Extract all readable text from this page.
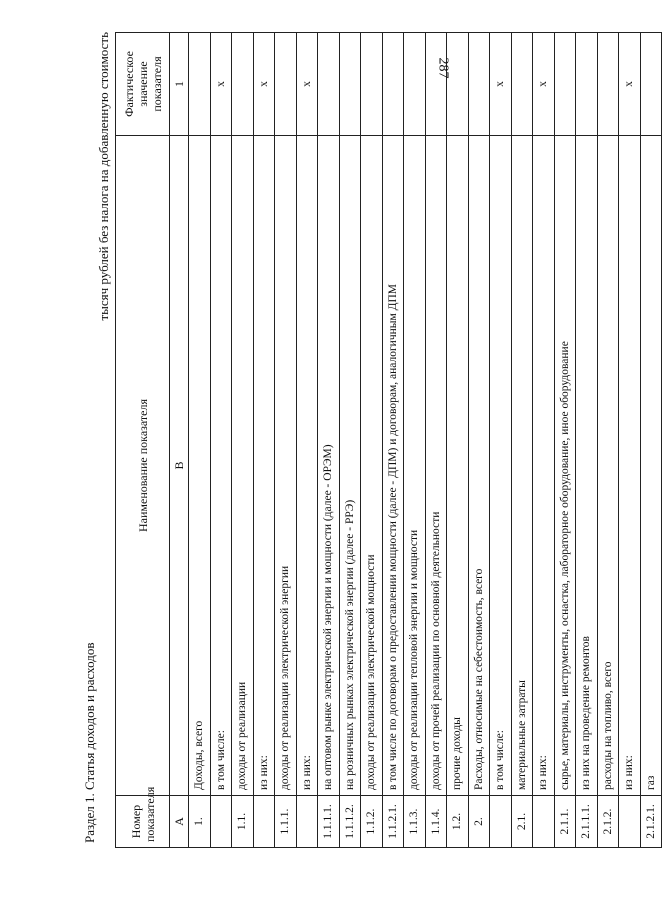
Раздел 1. Статья доходов и расходов
тысяч рублей без налога на добавленную стоимость
Номер показателя	Наименование показателя	Фактическое значение показателя
А	В	1
1.	Доходы, всего	
	в том числе:	х
1.1.	доходы от реализации	
	из них:	х
1.1.1.	доходы от реализации электрической энергии	
	из них:	х
1.1.1.1.	на оптовом рынке электрической энергии и мощности (далее - ОРЭМ)	
1.1.1.2.	на розничных рынках электрической энергии (далее - РРЭ)	
1.1.2.	доходы от реализации электрической мощности	
1.1.2.1.	в том числе по договорам о предоставлении мощности (далее - ДПМ) и договорам, аналогичным ДПМ	
1.1.3.	доходы от реализации тепловой энергии и мощности	
1.1.4.	доходы от прочей реализации по основной деятельности	
1.2.	прочие доходы	
2.	Расходы, относимые на себестоимость, всего	
	в том числе:	х
2.1.	материальные затраты	
	из них:	х
2.1.1.	сырье, материалы, инструменты, оснастка, лабораторное оборудование, иное оборудование	
2.1.1.1.	из них на проведение ремонтов	
2.1.2.	расходы на топливо, всего	
	из них:	х
2.1.2.1.	газ	
287
